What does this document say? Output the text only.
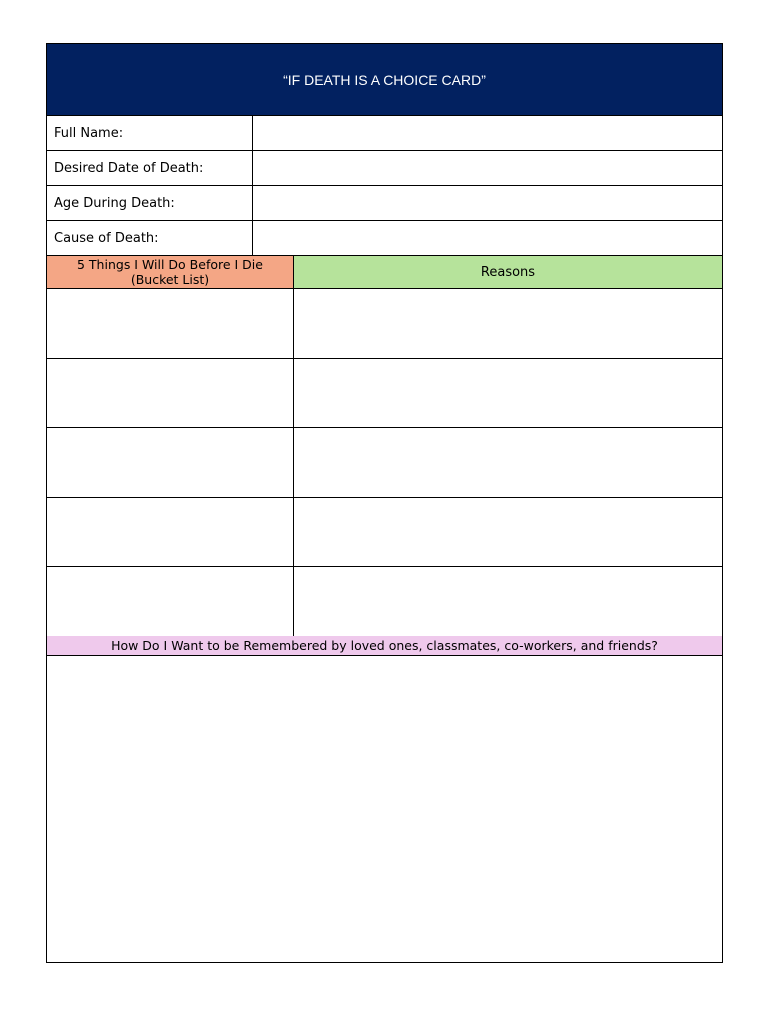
“IF DEATH IS A CHOICE CARD”
Full Name:
Desired Date of Death:
Age During Death:
Cause of Death:
5 Things I Will Do Before I Die
(Bucket List)	Reasons
How Do I Want to be Remembered by loved ones, classmates, co-workers, and friends?
